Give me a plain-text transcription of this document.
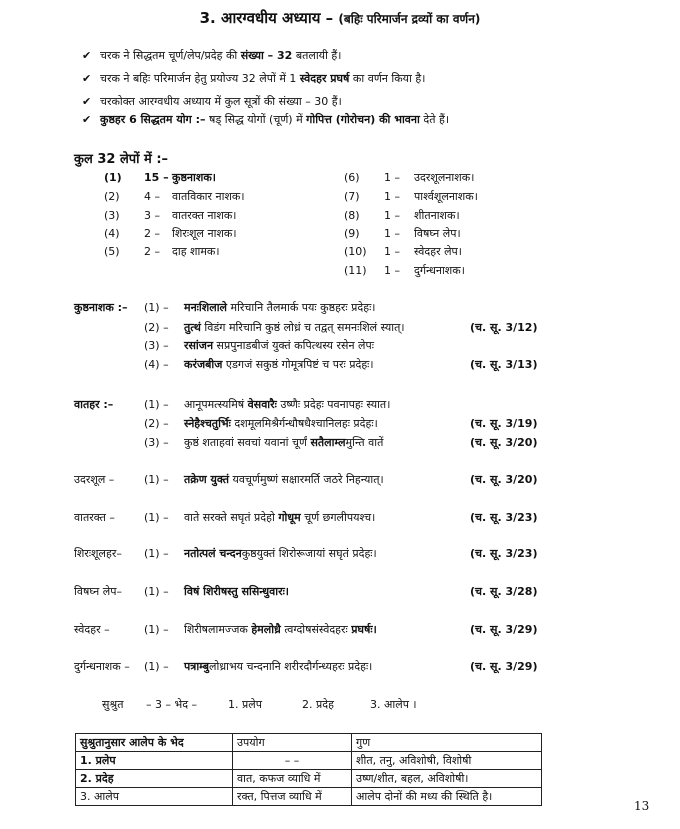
3. आरग्वधीय अध्याय – (बहिः परिमार्जन द्रव्यों का वर्णन)
✔ चरक ने सिद्धतम चूर्ण/लेप/प्रदेह की संख्या – 32 बतलायी हैं।
✔ चरक ने बहिः परिमार्जन हेतु प्रयोज्य 32 लेपों में 1 स्वेदहर प्रघर्ष का वर्णन किया है।
✔ चरकोक्त आरग्वधीय अध्याय में कुल सूत्रों की संख्या – 30 हैं।
✔ कुष्ठहर 6 सिद्धतम योग :– षड् सिद्ध योगों (चूर्ण) में गोपित्त (गोरोचन) की भावना देते हैं।
कुल 32 लेपों में :–
(1) 15 – कुष्ठनाशक।
(2) 4 – वातविकार नाशक।
(3) 3 – वातरक्त नाशक।
(4) 2 – शिरःशूल नाशक।
(5) 2 – दाह शामक।
(6) 1 – उदरशूलनाशक।
(7) 1 – पार्श्वशूलनाशक।
(8) 1 – शीतनाशक।
(9) 1 – विषघ्न लेप।
(10) 1 – स्वेदहर लेप।
(11) 1 – दुर्गन्धनाशक।
कुष्ठनाशक :– (1) – मनःशिलाले मरिचानि तैलमार्क पयः कुष्ठहरः प्रदेहः।
(2) – तुत्थं विडंग मरिचानि कुष्ठं लोध्रं च तद्वत् समनःशिलं स्यात्।	(च. सू. 3/12)
(3) – रसांजन सप्रपुनाडबीजं युक्तं कपित्थस्य रसेन लेपः
(4) – करंजबीज एडगजं सकुष्ठं गोमूत्रपिष्टं च परः प्रदेहः।	(च. सू. 3/13)
वातहर :–	(1) – आनूपमत्स्यमिषं वेसवारैः उष्णैः प्रदेहः पवनापहः स्यात।
(2) – स्नेहैश्चतुर्भिः दशमूलमिश्रैर्गन्धौषधैश्चानिलहः प्रदेहः।	(च. सू. 3/19)
(3) – कुष्ठं शताहवां सवचां यवानां चूर्णं सतैलाम्लमुन्ति वातें	(च. सू. 3/20)
उदरशूल –	(1) – तक्रेण युक्तं यवचूर्णमुष्णं सक्षारमर्ति जठरे निहन्यात्।	(च. सू. 3/20)
वातरक्त –	(1) – वाते सरक्ते सघृतं प्रदेहो गोधूम चूर्ण छगलीपयश्च।	(च. सू. 3/23)
शिरःशूलहर– (1) – नतोत्पलं चन्दनकुष्ठयुक्तं शिरोरूजायां सघृतं प्रदेहः।	(च. सू. 3/23)
विषघ्न लेप– (1) – विषं शिरीषस्तु ससिन्धुवारः।	(च. सू. 3/28)
स्वेदहर –	(1) – शिरीषलामज्जक हेमलोध्रै त्वग्दोषसंस्वेदहरः प्रघर्षः।	(च. सू. 3/29)
दुर्गन्धनाशक – (1) – पत्राम्बुलोध्राभय चन्दनानि शरीरदौर्गन्ध्यहरः प्रदेहः।	(च. सू. 3/29)
सुश्रुत – 3 – भेद –	1. प्रलेप	2. प्रदेह	3. आलेप ।
सुश्रुतानुसार आलेप के भेद	उपयोग	गुण
1. प्रलेप	– –	शीत, तनु, अविशोषी, विशोषी
2. प्रदेह	वात, कफज व्याधि में	उष्ण/शीत, बहल, अविशोषी।
3. आलेप	रक्त, पित्तज व्याधि में	आलेप दोनों की मध्य की स्थिति है।
13
